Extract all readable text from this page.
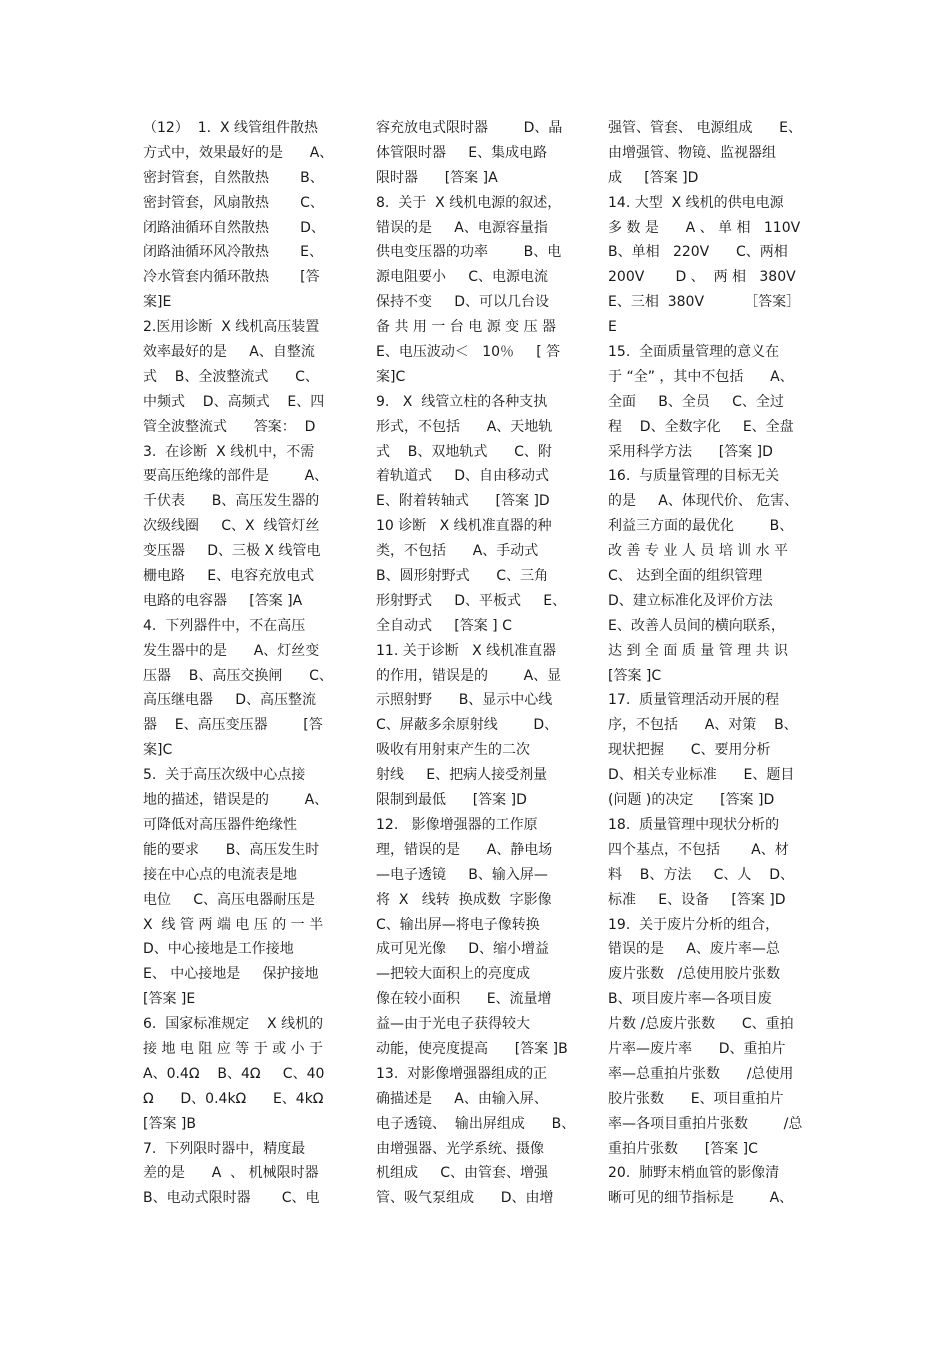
（12）  1.  X 线管组件散热
方式中，效果最好的是      A、
密封管套，自然散热       B、
密封管套，风扇散热       C、
闭路油循环自然散热       D、
闭路油循环风冷散热       E、
冷水管套内循环散热       [答
案]E
2.医用诊断  X 线机高压装置
效率最好的是     A、自整流
式    B、全波整流式      C、
中频式    D、高频式    E、四
管全波整流式      答案：  D
3.  在诊断  X 线机中，不需
要高压绝缘的部件是        A、
千伏表      B、高压发生器的
次级线圈     C、X  线管灯丝
变压器     D、三极 X 线管电
栅电路     E、电容充放电式
电路的电容器     [答案 ]A
4.  下列器件中，不在高压
发生器中的是      A、灯丝变
压器    B、高压交换闸      C、
高压继电器     D、高压整流
器    E、高压变压器        [答
案]C
5.  关于高压次级中心点接
地的描述，错误是的        A、
可降低对高压器件绝缘性
能的要求      B、高压发生时
接在中心点的电流表是地
电位     C、高压电器耐压是
X  线 管 两 端 电 压 的 一 半
D、中心接地是工作接地
E、 中心接地是     保护接地
[答案 ]E
6.  国家标准规定    X 线机的
接 地 电 阻 应 等 于 或 小 于
A、0.4Ω    B、4Ω     C、40
Ω      D、0.4kΩ      E、4kΩ
[答案 ]B
7.  下列限时器中，精度最
差的是      A  、 机械限时器
B、电动式限时器       C、电
容充放电式限时器        D、晶
体管限时器     E、集成电路
限时器      [答案 ]A
8.  关于  X 线机电源的叙述，
错误的是     A、电源容量指
供电变压器的功率        B、电
源电阻要小     C、电源电流
保持不变     D、可以几台设
备 共 用 一 台 电 源 变 压 器
E、电压波动＜   10％     [ 答
案]C
9.   X  线管立柱的各种支执
形式，不包括      A、天地轨
式    B、双地轨式      C、附
着轨道式     D、自由移动式
E、附着转轴式      [答案 ]D
10 诊断   X 线机准直器的种
类，不包括      A、手动式
B、圆形射野式      C、三角
形射野式     D、平板式     E、
全自动式     [答案 ] C
11. 关于诊断   X 线机准直器
的作用，错误是的        A、显
示照射野      B、显示中心线
C、屏蔽多余原射线        D、
吸收有用射束产生的二次
射线     E、把病人接受剂量
限制到最低      [答案 ]D
12.   影像增强器的工作原
理，错误的是      A、静电场
—电子透镜     B、输入屏—
将  X   线转  换成数  字影像
C、输出屏—将电子像转换
成可见光像     D、缩小增益
—把较大面积上的亮度成
像在较小面积      E、流量增
益—由于光电子获得较大
动能，使亮度提高      [答案 ]B
13.  对影像增强器组成的正
确描述是     A、由输入屏、
电子透镜、  输出屏组成      B、
由增强器、光学系统、摄像
机组成     C、由管套、增强
管、吸气泵组成      D、由增
强管、管套、 电源组成      E、
由增强管、物镜、监视器组
成     [答案 ]D
14. 大型  X 线机的供电电源
多 数 是      A 、 单 相   110V
B、单相   220V      C、两相
200V       D 、  两 相   380V
E、三相  380V         ［答案］
E
15.  全面质量管理的意义在
于 “全” ，其中不包括      A、
全面     B、全员     C、全过
程    D、全数字化     E、全盘
采用科学方法      [答案 ]D
16.  与质量管理的目标无关
的是     A、体现代价、 危害、
利益三方面的最优化        B、
改 善 专 业 人 员 培 训 水 平
C、 达到全面的组织管理
D、建立标准化及评价方法
E、改善人员间的横向联系，
达 到 全 面 质 量 管 理 共 识
[答案 ]C
17.  质量管理活动开展的程
序，不包括      A、对策    B、
现状把握      C、要用分析
D、相关专业标准      E、题目
(问题 )的决定      [答案 ]D
18.  质量管理中现状分析的
四个基点，不包括       A、材
料    B、方法     C、人    D、
标准     E、设备     [答案 ]D
19.  关于废片分析的组合，
错误的是     A、废片率—总
废片张数   /总使用胶片张数
B、项目废片率—各项目废
片数 /总废片张数      C、重拍
片率—废片率      D、重拍片
率—总重拍片张数      /总使用
胶片张数      E、项目重拍片
率—各项目重拍片张数        /总
重拍片张数      [答案 ]C
20.  肺野末梢血管的影像清
晰可见的细节指标是        A、
